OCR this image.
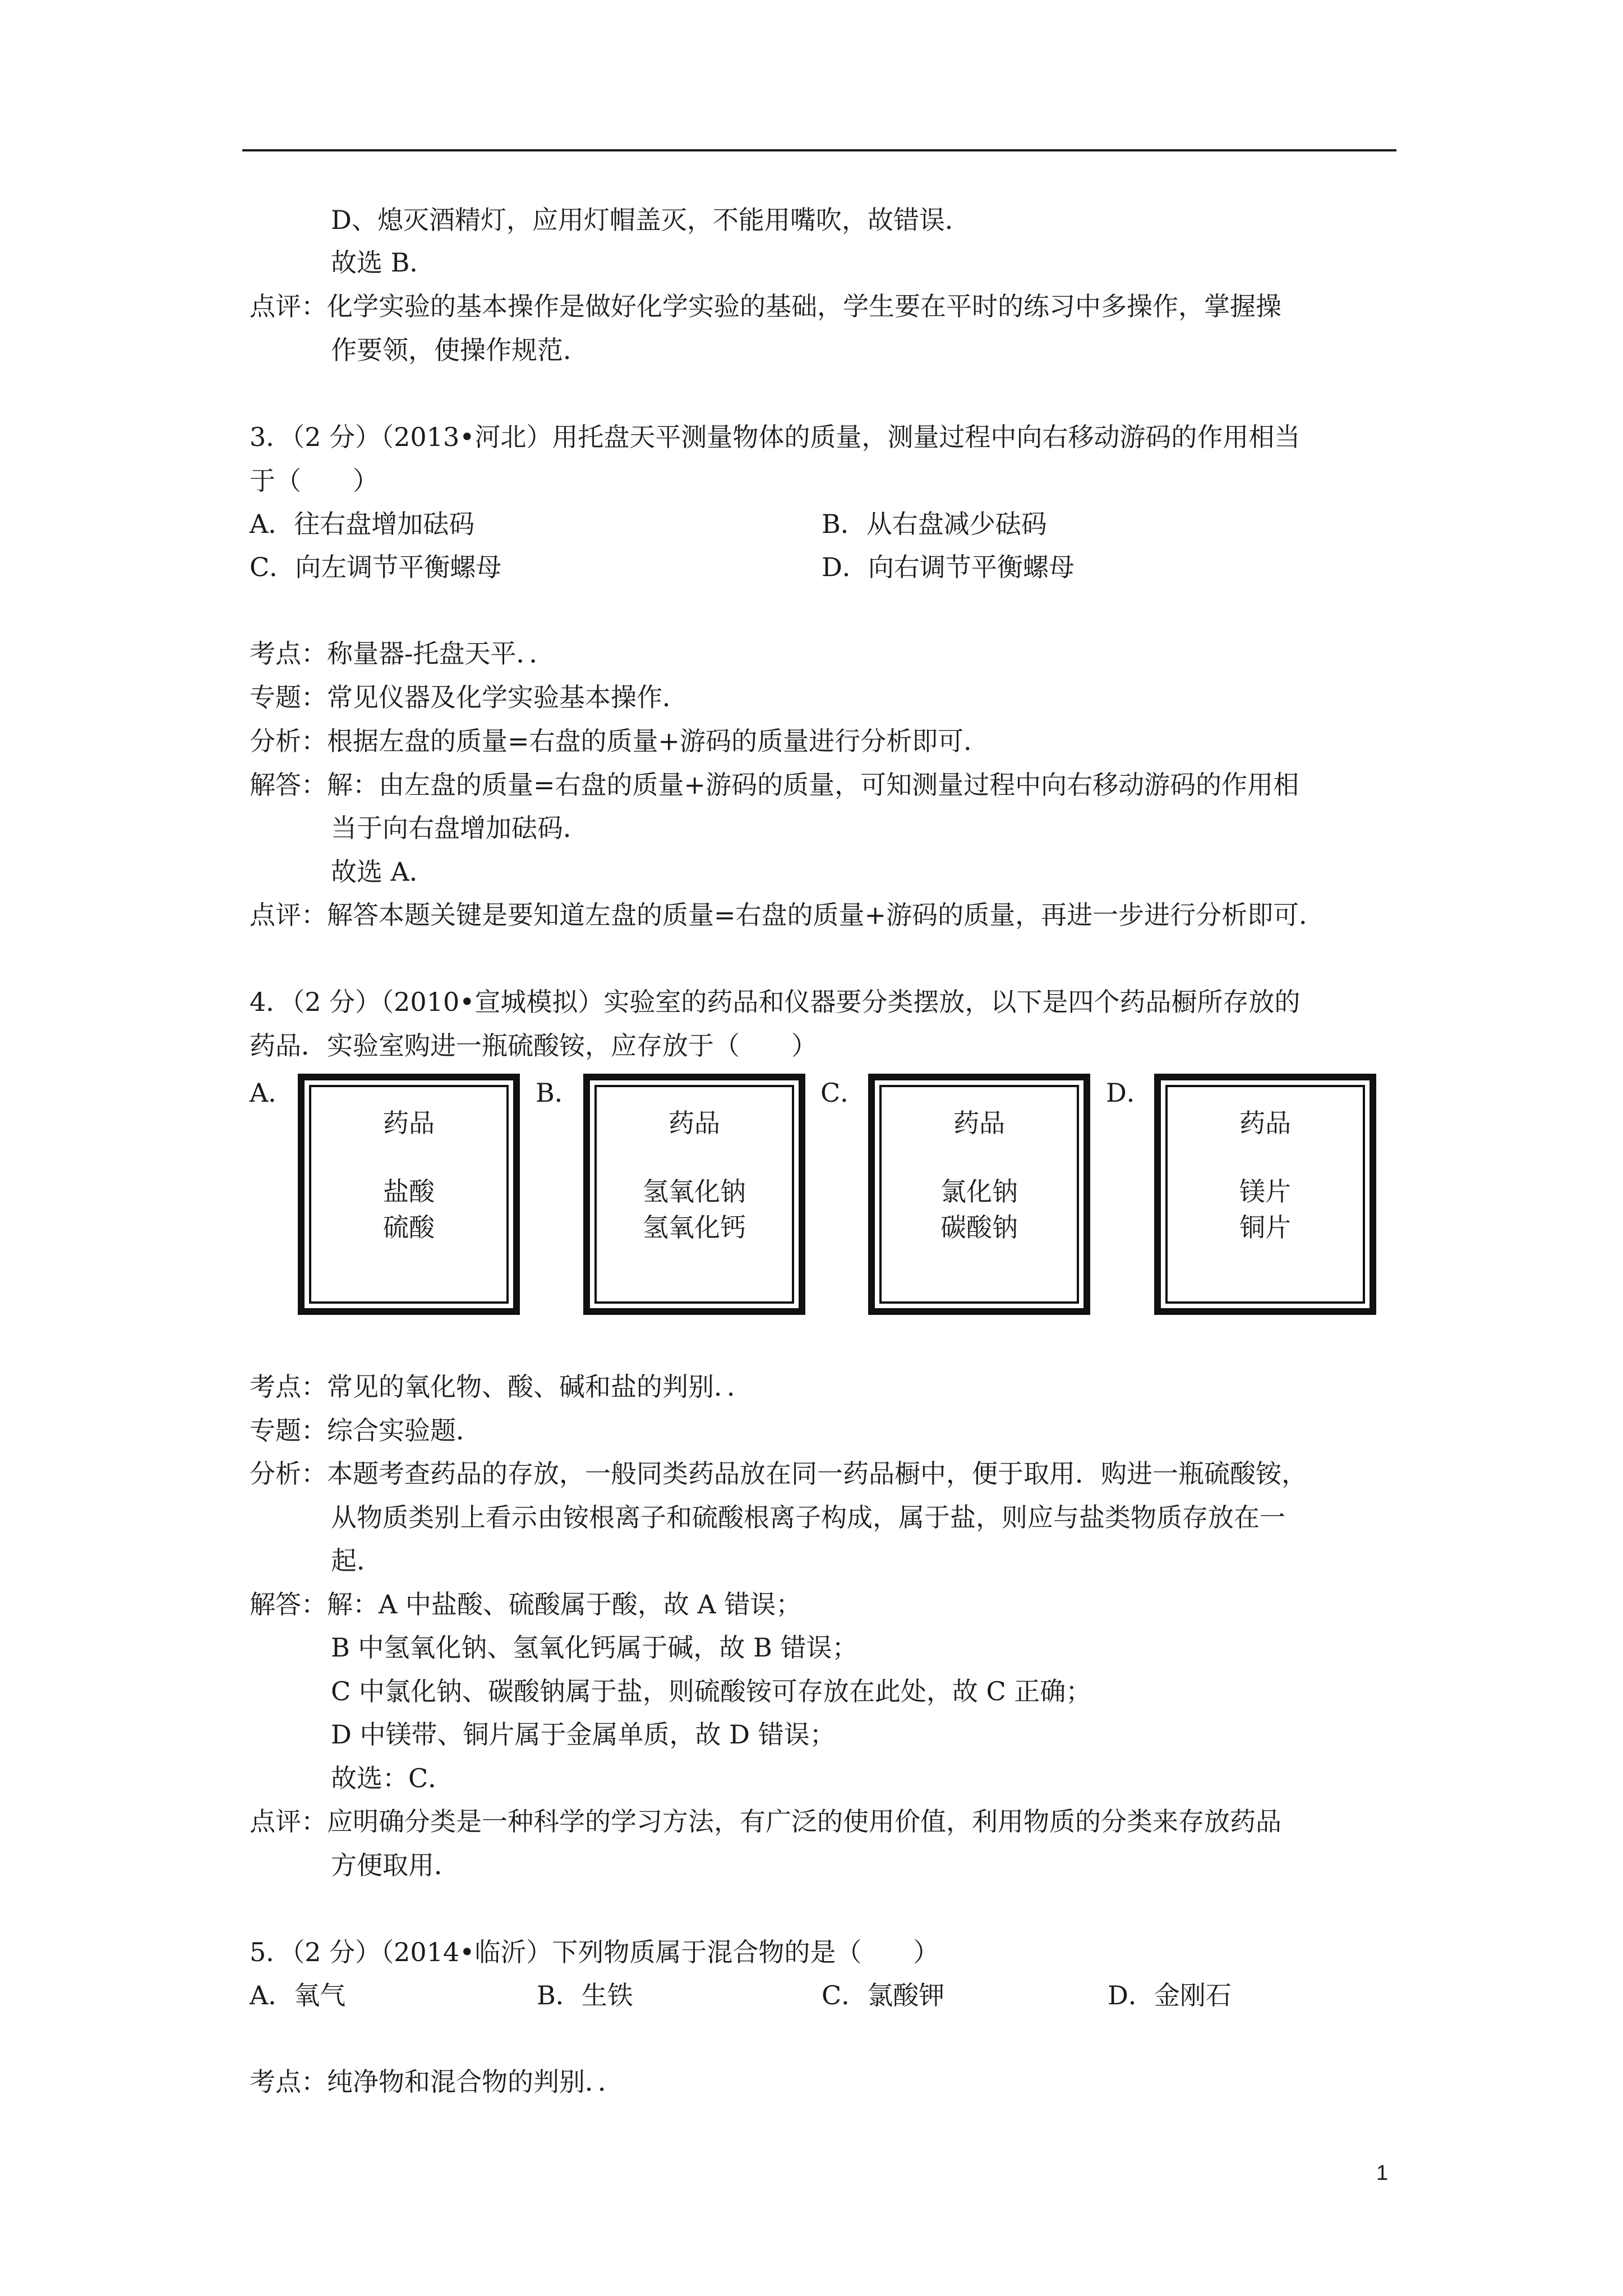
D、熄灭酒精灯，应用灯帽盖灭，不能用嘴吹，故错误．
故选 B．
点评：化学实验的基本操作是做好化学实验的基础，学生要在平时的练习中多操作，掌握操
作要领，使操作规范．
3．（2 分）（2013•河北）用托盘天平测量物体的质量，测量过程中向右移动游码的作用相当
于（　　）
A．往右盘增加砝码	B．从右盘减少砝码
C．向左调节平衡螺母	D．向右调节平衡螺母
考点：称量器-托盘天平．．
专题：常见仪器及化学实验基本操作．
分析：根据左盘的质量=右盘的质量+游码的质量进行分析即可．
解答：解：由左盘的质量=右盘的质量+游码的质量，可知测量过程中向右移动游码的作用相
当于向右盘增加砝码．
故选 A．
点评：解答本题关键是要知道左盘的质量=右盘的质量+游码的质量，再进一步进行分析即可．
4．（2 分）（2010•宣城模拟）实验室的药品和仪器要分类摆放，以下是四个药品橱所存放的
药品．实验室购进一瓶硫酸铵，应存放于（　　）
A．
药品
盐酸
硫酸
B．
药品
氢氧化钠
氢氧化钙
C．
药品
氯化钠
碳酸钠
D．
药品
镁片
铜片
考点：常见的氧化物、酸、碱和盐的判别．．
专题：综合实验题．
分析：本题考查药品的存放，一般同类药品放在同一药品橱中，便于取用．购进一瓶硫酸铵，
从物质类别上看示由铵根离子和硫酸根离子构成，属于盐，则应与盐类物质存放在一
起．
解答：解：A 中盐酸、硫酸属于酸，故 A 错误；
B 中氢氧化钠、氢氧化钙属于碱，故 B 错误；
C 中氯化钠、碳酸钠属于盐，则硫酸铵可存放在此处，故 C 正确；
D 中镁带、铜片属于金属单质，故 D 错误；
故选：C．
点评：应明确分类是一种科学的学习方法，有广泛的使用价值，利用物质的分类来存放药品
方便取用．
5．（2 分）（2014•临沂）下列物质属于混合物的是（　　）
A．氧气	B．生铁	C．氯酸钾	D．金刚石
考点：纯净物和混合物的判别．．
1
